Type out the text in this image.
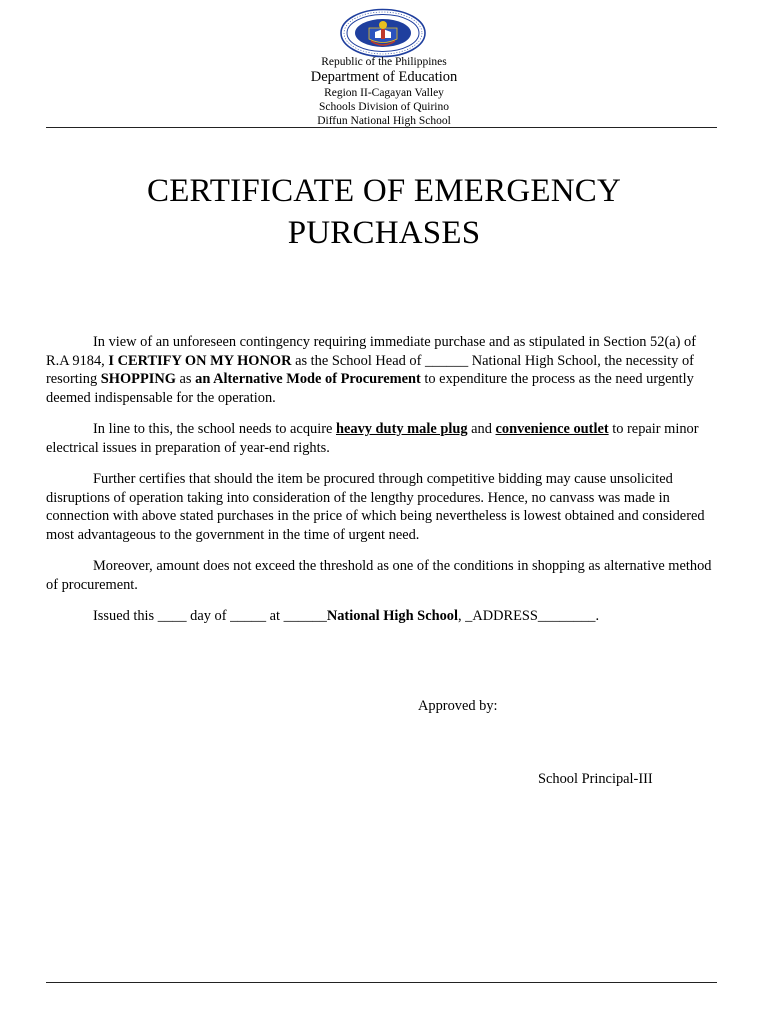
Republic of the Philippines
Department of Education
Region II-Cagayan Valley
Schools Division of Quirino
Diffun National High School
CERTIFICATE OF EMERGENCY
PURCHASES

In view of an unforeseen contingency requiring immediate purchase and as stipulated in Section 52(a) of R.A 9184, I CERTIFY ON MY HONOR as the School Head of ______ National High School, the necessity of resorting SHOPPING as an Alternative Mode of Procurement to expenditure the process as the need urgently deemed indispensable for the operation.

In line to this, the school needs to acquire heavy duty male plug and convenience outlet to repair minor electrical issues in preparation of year-end rights.

Further certifies that should the item be procured through competitive bidding may cause unsolicited disruptions of operation taking into consideration of the lengthy procedures. Hence, no canvass was made in connection with above stated purchases in the price of which being nevertheless is lowest obtained and considered most advantageous to the government in the time of urgent need.

Moreover, amount does not exceed the threshold as one of the conditions in shopping as alternative method of procurement.

Issued this ____ day of _____ at ______National High School, _ADDRESS________.

Approved by:
School Principal-III
